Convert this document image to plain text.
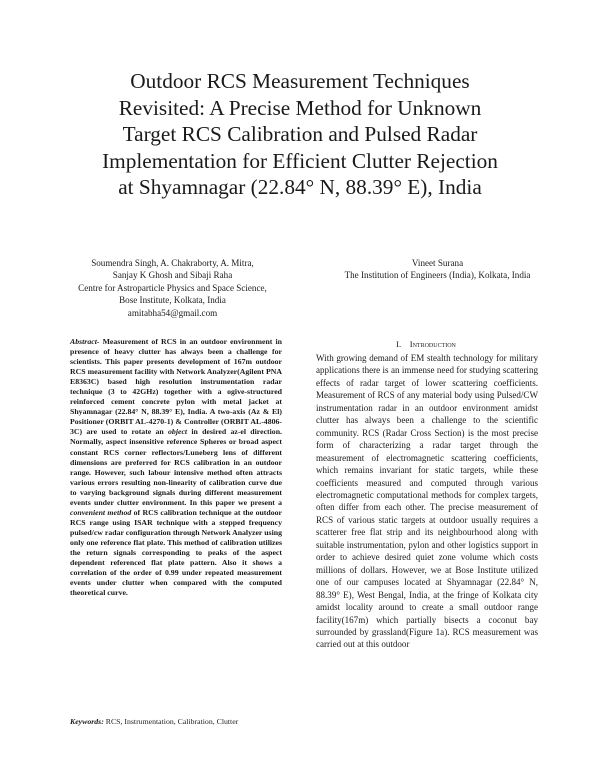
Outdoor RCS Measurement Techniques
Revisited: A Precise Method for Unknown
Target RCS Calibration and Pulsed Radar
Implementation for Efficient Clutter Rejection
at Shyamnagar (22.84° N, 88.39° E), India
Soumendra Singh, A. Chakraborty, A. Mitra,
Sanjay K Ghosh and Sibaji Raha
Centre for Astroparticle Physics and Space Science,
Bose Institute, Kolkata, India
amitabha54@gmail.com
Vineet Surana
The Institution of Engineers (India), Kolkata, India

Abstract- Measurement of RCS in an outdoor environment in presence of heavy clutter has always been a challenge for scientists. This paper presents development of 167m outdoor RCS measurement facility with Network Analyzer(Agilent PNA E8363C) based high resolution instrumentation radar technique (3 to 42GHz) together with a ogive-structured reinforced cement concrete pylon with metal jacket at Shyamnagar (22.84° N, 88.39° E), India. A two-axis (Az & El) Positioner (ORBIT AL-4270-1) & Controller (ORBIT AL-4806-3C) are used to rotate an object in desired az-el direction. Normally, aspect insensitive reference Spheres or broad aspect constant RCS corner reflectors/Luneberg lens of different dimensions are preferred for RCS calibration in an outdoor range. However, such labour intensive method often attracts various errors resulting non-linearity of calibration curve due to varying background signals during different measurement events under clutter environment. In this paper we present a convenient method of RCS calibration technique at the outdoor RCS range using ISAR technique with a stepped frequency pulsed/cw radar configuration through Network Analyzer using only one reference flat plate. This method of calibration utilizes the return signals corresponding to peaks of the aspect dependent referenced flat plate pattern. Also it shows a correlation of the order of 0.99 under repeated measurement events under clutter when compared with the computed theoretical curve.

Keywords: RCS, Instrumentation, Calibration, Clutter
I. Introduction

With growing demand of EM stealth technology for military applications there is an immense need for studying scattering effects of radar target of lower scattering coefficients. Measurement of RCS of any material body using Pulsed/CW instrumentation radar in an outdoor environment amidst clutter has always been a challenge to the scientific community. RCS (Radar Cross Section) is the most precise form of characterizing a radar target through the measurement of electromagnetic scattering coefficients, which remains invariant for static targets, while these coefficients measured and computed through various electromagnetic computational methods for complex targets, often differ from each other. The precise measurement of RCS of various static targets at outdoor usually requires a scatterer free flat strip and its neighbourhood along with suitable instrumentation, pylon and other logistics support in order to achieve desired quiet zone volume which costs millions of dollars. However, we at Bose Institute utilized one of our campuses located at Shyamnagar (22.84° N, 88.39° E), West Bengal, India, at the fringe of Kolkata city amidst locality around to create a small outdoor range facility(167m) which partially bisects a coconut bay surrounded by grassland(Figure 1a). RCS measurement was carried out at this outdoor
